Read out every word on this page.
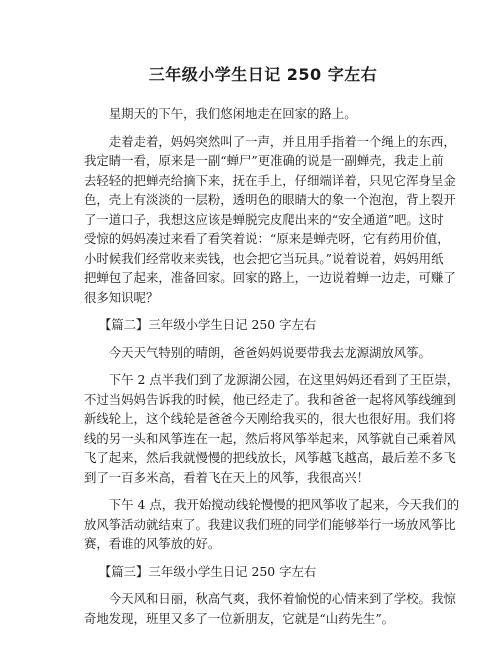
三年级小学生日记 250 字左右

星期天的下午，我们悠闲地走在回家的路上。

走着走着，妈妈突然叫了一声，并且用手指着一个绳上的东西，
我定睛一看，原来是一副“蝉尸”更准确的说是一副蝉壳，我走上前
去轻轻的把蝉壳给摘下来，抚在手上，仔细端详着，只见它浑身呈金
色，壳上有淡淡的一层粉，透明色的眼睛大的象一个泡泡，背上裂开
了一道口子，我想这应该是蝉脱完皮爬出来的“安全通道”吧。这时
受惊的妈妈凑过来看了看笑着说：“原来是蝉壳呀，它有药用价值，
小时候我们经常收来卖钱，也会把它当玩具。”说着说着，妈妈用纸
把蝉包了起来，准备回家。回家的路上，一边说着蝉一边走，可赚了
很多知识呢？

【篇二】三年级小学生日记 250 字左右

今天天气特别的晴朗，爸爸妈妈说要带我去龙源湖放风筝。

下午 2 点半我们到了龙源湖公园，在这里妈妈还看到了王臣崇，
不过当妈妈告诉我的时候，他已经走了。我和爸爸一起将风筝线缠到
新线轮上，这个线轮是爸爸今天刚给我买的，很大也很好用。我们将
线的另一头和风筝连在一起，然后将风筝举起来，风筝就自己乘着风
飞了起来，然后我就慢慢的把线放长，风筝越飞越高，最后差不多飞
到了一百多米高，看着飞在天上的风筝，我很高兴！

下午 4 点，我开始搅动线轮慢慢的把风筝收了起来，今天我们的
放风筝活动就结束了。我建议我们班的同学们能够举行一场放风筝比
赛，看谁的风筝放的好。

【篇三】三年级小学生日记 250 字左右

今天风和日丽，秋高气爽，我怀着愉悦的心情来到了学校。我惊
奇地发现，班里又多了一位新朋友，它就是“山药先生”。
